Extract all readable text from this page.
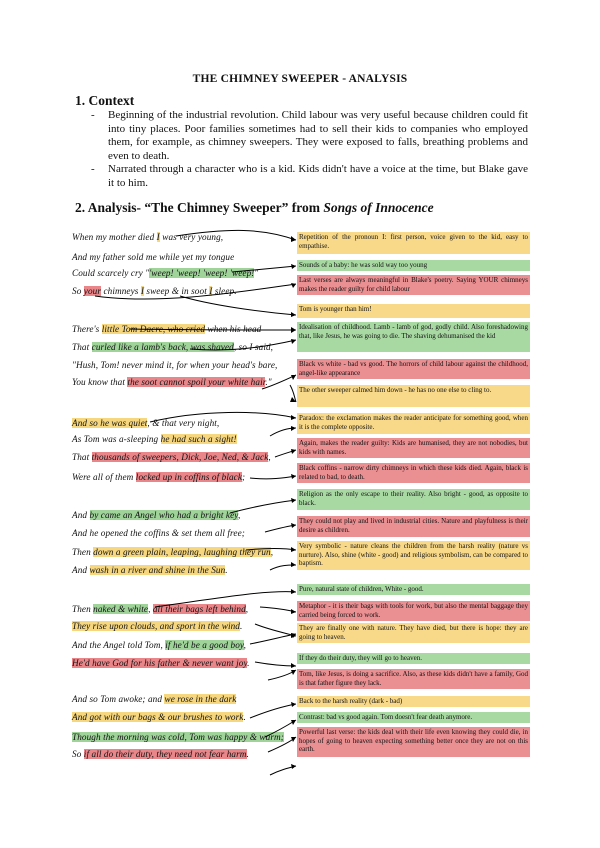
THE CHIMNEY SWEEPER - ANALYSIS
1. Context
- Beginning of the industrial revolution. Child labour was very useful because children could fit into tiny places. Poor families sometimes had to sell their kids to companies who employed them, for example, as chimney sweepers. They were exposed to falls, breathing problems and even to death.
- Narrated through a character who is a kid. Kids didn't have a voice at the time, but Blake gave it to him.
2. Analysis- “The Chimney Sweeper” from Songs of Innocence
When my mother died I was very young,
And my father sold me while yet my tongue
Could scarcely cry "'weep! 'weep! 'weep! 'weep!"
So your chimneys I sweep & in soot I sleep.
There's little Tom Dacre, who cried when his head
That curled like a lamb's back, was shaved, so I said,
"Hush, Tom! never mind it, for when your head's bare,
You know that the soot cannot spoil your white hair."
And so he was quiet, & that very night,
As Tom was a-sleeping he had such a sight!
That thousands of sweepers, Dick, Joe, Ned, & Jack,
Were all of them locked up in coffins of black;
And by came an Angel who had a bright key,
And he opened the coffins & set them all free;
Then down a green plain, leaping, laughing they run,
And wash in a river and shine in the Sun.
Then naked & white, all their bags left behind,
They rise upon clouds, and sport in the wind.
And the Angel told Tom, if he'd be a good boy,
He'd have God for his father & never want joy.
And so Tom awoke; and we rose in the dark
And got with our bags & our brushes to work.
Though the morning was cold, Tom was happy & warm;
So if all do their duty, they need not fear harm.
Repetition of the pronoun I: first person, voice given to the kid, easy to empathise.
Sounds of a baby: he was sold way too young
Last verses are always meaningful in Blake's poetry. Saying YOUR chimneys makes the reader guilty for child labour
Tom is younger than him!
Idealisation of childhood. Lamb - lamb of god, godly child. Also foreshadowing that, like Jesus, he was going to die. The shaving dehumanised the kid
Black vs white - bad vs good. The horrors of child labour against the childhood, angel-like appearance
The other sweeper calmed him down - he has no one else to cling to.
Paradox: the exclamation makes the reader anticipate for something good, when it is the complete opposite.
Again, makes the reader guilty: Kids are humanised, they are not nobodies, but kids with names.
Black coffins - narrow dirty chimneys in which these kids died. Again, black is related to bad, to death.
Religion as the only escape to their reality. Also bright - good, as opposite to black.
They could not play and lived in industrial cities. Nature and playfulness is their desire as children.
Very symbolic - nature cleans the children from the harsh reality (nature vs nurture). Also, shine (white - good) and religious symbolism, can be compared to baptism.
Pure, natural state of children, White - good.
Metaphor - it is their bags with tools for work, but also the mental baggage they carried being forced to work.
They are finally one with nature. They have died, but there is hope: they are going to heaven.
If they do their duty, they will go to heaven.
Tom, like Jesus, is doing a sacrifice. Also, as these kids didn't have a family, God is that father figure they lack.
Back to the harsh reality (dark - bad)
Contrast: bad vs good again. Tom doesn't fear death anymore.
Powerful last verse: the kids deal with their life even knowing they could die, in hopes of going to heaven expecting something better once they are not on this earth.
